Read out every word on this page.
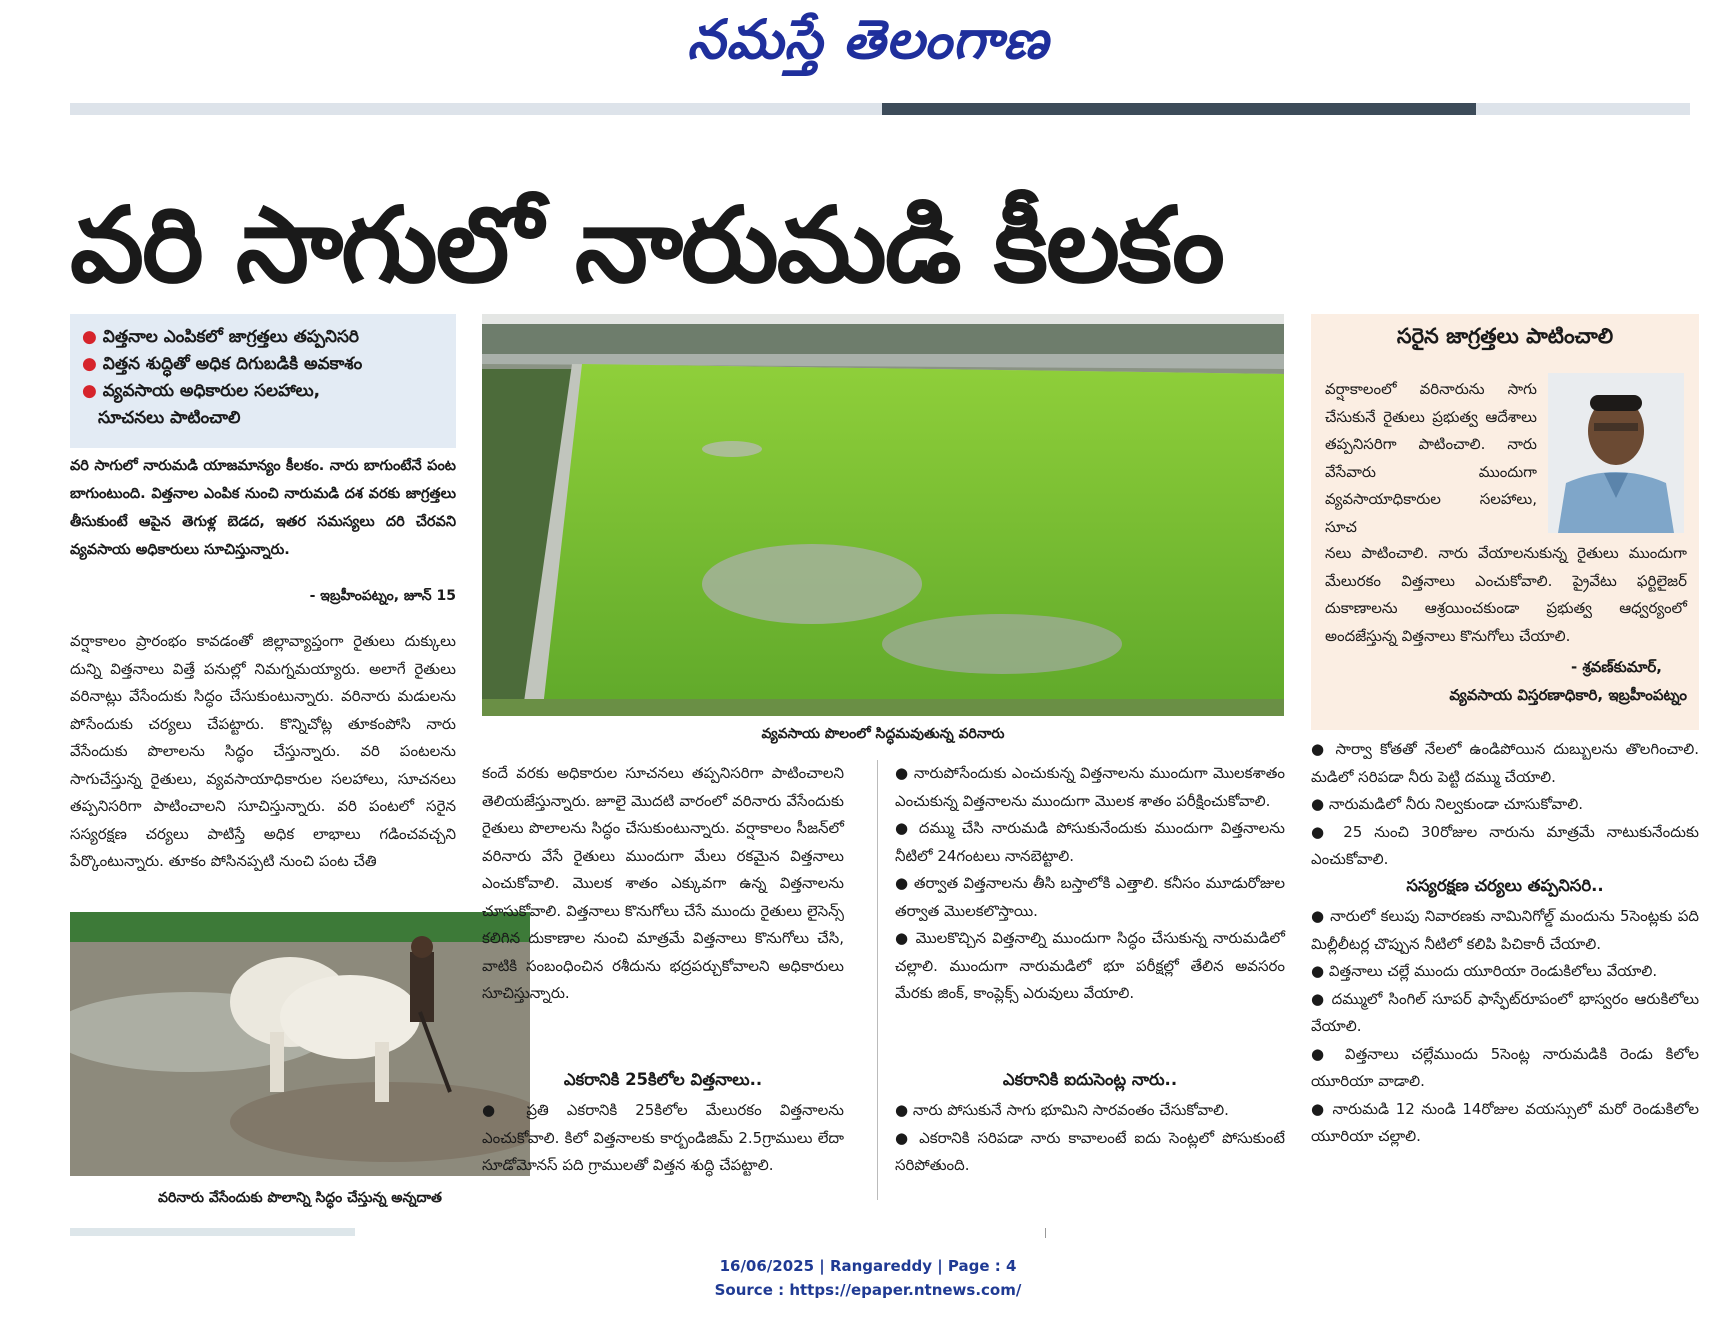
నమస్తే తెలంగాణ
వరి సాగులో నారుమడి కీలకం
● విత్తనాల ఎంపికలో జాగ్రత్తలు తప్పనిసరి
● విత్తన శుద్ధితో అధిక దిగుబడికి అవకాశం
● వ్యవసాయ అధికారుల సలహాలు,
సూచనలు పాటించాలి
వరి సాగులో నారుమడి యాజమాన్యం కీలకం. నారు బాగుంటేనే పంట బాగుంటుంది. విత్తనాల ఎంపిక నుంచి నారుమడి దశ వరకు జాగ్రత్తలు తీసుకుంటే ఆపైన తెగుళ్ల బెడద, ఇతర సమస్యలు దరి చేరవని వ్యవసాయ అధికారులు సూచిస్తున్నారు.
- ఇబ్రహీంపట్నం, జూన్ 15
వర్షాకాలం ప్రారంభం కావడంతో జిల్లావ్యాప్తంగా రైతులు దుక్కులు దున్ని విత్తనాలు విత్తే పనుల్లో నిమగ్నమయ్యారు. అలాగే రైతులు వరినాట్లు వేసేందుకు సిద్ధం చేసుకుంటున్నారు. వరినారు మడులను పోసేందుకు చర్యలు చేపట్టారు. కొన్నిచోట్ల తూకంపోసి నారు వేసేందుకు పొలాలను సిద్ధం చేస్తున్నారు. వరి పంటలను సాగుచేస్తున్న రైతులు, వ్యవసాయాధికారుల సలహాలు, సూచనలు తప్పనిసరిగా పాటించాలని సూచిస్తున్నారు. వరి పంటలో సరైన సస్యరక్షణ చర్యలు పాటిస్తే అధిక లాభాలు గడించవచ్చని పేర్కొంటున్నారు. తూకం పోసినప్పటి నుంచి పంట చేతి
వ్యవసాయ పొలంలో సిద్ధమవుతున్న వరినారు
వరినారు వేసేందుకు పొలాన్ని సిద్ధం చేస్తున్న అన్నదాత
కందే వరకు అధికారుల సూచనలు తప్పనిసరిగా పాటించాలని తెలియజేస్తున్నారు. జూలై మొదటి వారంలో వరినారు వేసేందుకు రైతులు పొలాలను సిద్ధం చేసుకుంటున్నారు. వర్షాకాలం సీజన్‌లో వరినారు వేసే రైతులు ముందుగా మేలు రకమైన విత్తనాలు ఎంచుకోవాలి. మొలక శాతం ఎక్కువగా ఉన్న విత్తనాలను చూసుకోవాలి. విత్తనాలు కొనుగోలు చేసే ముందు రైతులు లైసెన్స్ కలిగిన దుకాణాల నుంచి మాత్రమే విత్తనాలు కొనుగోలు చేసి, వాటికి సంబంధించిన రశీదును భద్రపర్చుకోవాలని అధికారులు సూచిస్తున్నారు.
ఎకరానికి 25కిలోల విత్తనాలు..
● ప్రతి ఎకరానికి 25కిలోల మేలురకం విత్తనాలను ఎంచుకోవాలి. కిలో విత్తనాలకు కార్బండిజిమ్ 2.5గ్రాములు లేదా సూడోమోనస్ పది గ్రాములతో విత్తన శుద్ధి చేపట్టాలి.
● నారుపోసేందుకు ఎంచుకున్న విత్తనాలను ముందుగా మొలకశాతం ఎంచుకున్న విత్తనాలను ముందుగా మొలక శాతం పరీక్షించుకోవాలి.
● దమ్ము చేసి నారుమడి పోసుకునేందుకు ముందుగా విత్తనాలను నీటిలో 24గంటలు నానబెట్టాలి.
● తర్వాత విత్తనాలను తీసి బస్తాలోకి ఎత్తాలి. కనీసం మూడురోజుల తర్వాత మొలకలొస్తాయి.
● మొలకొచ్చిన విత్తనాల్ని ముందుగా సిద్ధం చేసుకున్న నారుమడిలో చల్లాలి. ముందుగా నారుమడిలో భూ పరీక్షల్లో తేలిన అవసరం మేరకు జింక్, కాంప్లెక్స్ ఎరువులు వేయాలి.
ఎకరానికి ఐదుసెంట్ల నారు..
● నారు పోసుకునే సాగు భూమిని సారవంతం చేసుకోవాలి.
● ఎకరానికి సరిపడా నారు కావాలంటే ఐదు సెంట్లలో పోసుకుంటే సరిపోతుంది.
సరైన జాగ్రత్తలు పాటించాలి
వర్షాకాలంలో వరినారును సాగు చేసుకునే రైతులు ప్రభుత్వ ఆదేశాలు తప్పనిసరిగా పాటించాలి. నారు వేసేవారు ముందుగా వ్యవసాయాధికారుల సలహాలు, సూచ
నలు పాటించాలి. నారు వేయాలనుకున్న రైతులు ముందుగా మేలురకం విత్తనాలు ఎంచుకోవాలి. ప్రైవేటు ఫర్టిలైజర్ దుకాణాలను ఆశ్రయించకుండా ప్రభుత్వ ఆధ్వర్యంలో అందజేస్తున్న విత్తనాలు కొనుగోలు చేయాలి.
- శ్రవణ్‌కుమార్,
వ్యవసాయ విస్తరణాధికారి, ఇబ్రహీంపట్నం
● సార్వా కోతతో నేలలో ఉండిపోయిన దుబ్బులను తొలగించాలి. మడిలో సరిపడా నీరు పెట్టి దమ్ము చేయాలి.
● నారుమడిలో నీరు నిల్వకుండా చూసుకోవాలి.
● 25 నుంచి 30రోజుల నారును మాత్రమే నాటుకునేందుకు ఎంచుకోవాలి.
సస్యరక్షణ చర్యలు తప్పనిసరి..
● నారులో కలుపు నివారణకు నామినిగోల్డ్ మందును 5సెంట్లకు పది మిల్లీలీటర్ల చొప్పున నీటిలో కలిపి పిచికారీ చేయాలి.
● విత్తనాలు చల్లే ముందు యూరియా రెండుకిలోలు వేయాలి.
● దమ్ములో సింగిల్ సూపర్ ఫాస్ఫేట్‌రూపంలో భాస్వరం ఆరుకిలోలు వేయాలి.
● విత్తనాలు చల్లేముందు 5సెంట్ల నారుమడికి రెండు కిలోల యూరియా వాడాలి.
● నారుమడి 12 నుండి 14రోజుల వయస్సులో మరో రెండుకిలోల యూరియా చల్లాలి.
16/06/2025 | Rangareddy | Page : 4
Source : https://epaper.ntnews.com/
